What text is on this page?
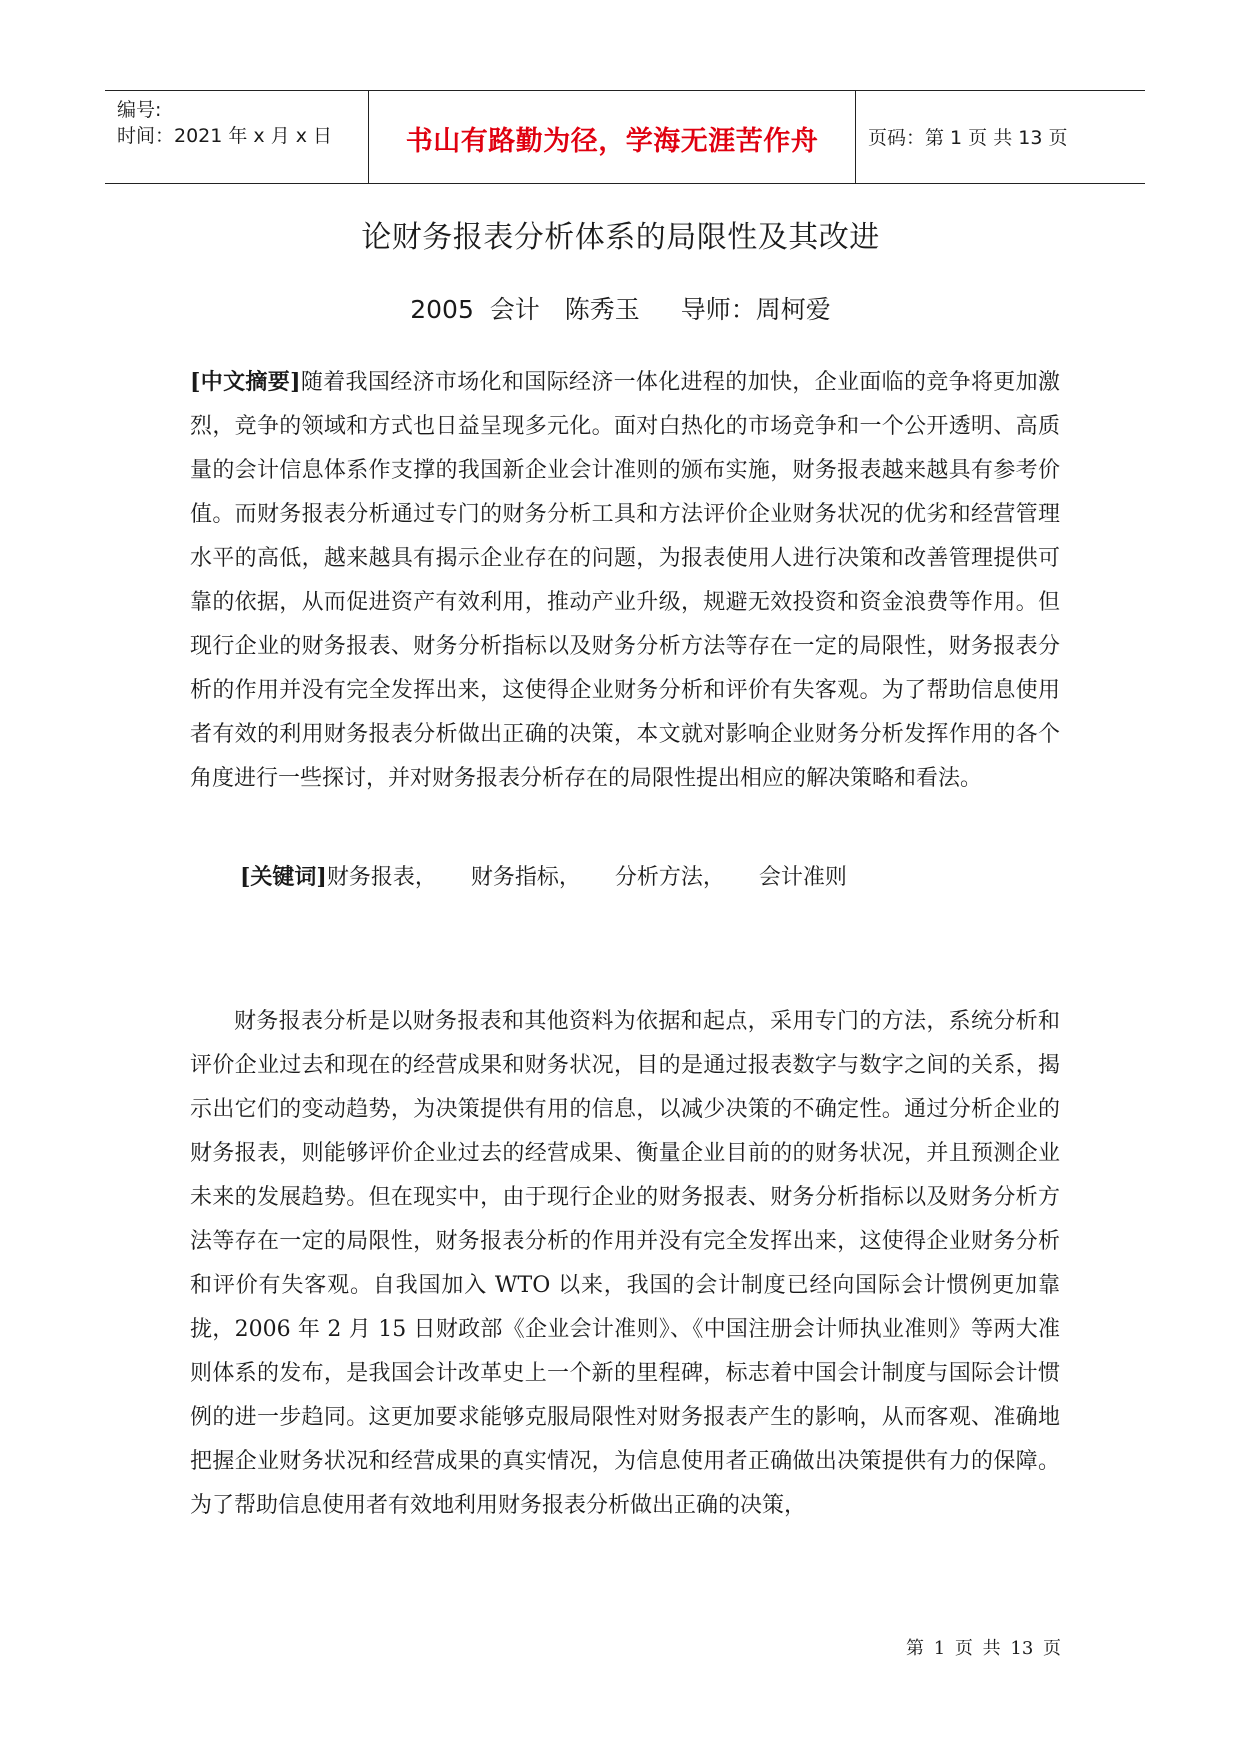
编号:
时间：2021 年 x 月 x 日	书山有路勤为径，学海无涯苦作舟	页码：第 1 页 共 13 页
论财务报表分析体系的局限性及其改进
2005 会计　陈秀玉　 导师：周柯爱

[中文摘要]随着我国经济市场化和国际经济一体化进程的加快，企业面临的竞争将更加激烈，竞争的领域和方式也日益呈现多元化。面对白热化的市场竞争和一个公开透明、高质量的会计信息体系作支撑的我国新企业会计准则的颁布实施，财务报表越来越具有参考价值。而财务报表分析通过专门的财务分析工具和方法评价企业财务状况的优劣和经营管理水平的高低，越来越具有揭示企业存在的问题，为报表使用人进行决策和改善管理提供可靠的依据，从而促进资产有效利用，推动产业升级，规避无效投资和资金浪费等作用。但现行企业的财务报表、财务分析指标以及财务分析方法等存在一定的局限性，财务报表分析的作用并没有完全发挥出来，这使得企业财务分析和评价有失客观。为了帮助信息使用者有效的利用财务报表分析做出正确的决策，本文就对影响企业财务分析发挥作用的各个角度进行一些探讨，并对财务报表分析存在的局限性提出相应的解决策略和看法。

[关键词]财务报表， 财务指标， 分析方法， 会计准则

财务报表分析是以财务报表和其他资料为依据和起点，采用专门的方法，系统分析和评价企业过去和现在的经营成果和财务状况，目的是通过报表数字与数字之间的关系，揭示出它们的变动趋势，为决策提供有用的信息，以减少决策的不确定性。通过分析企业的财务报表，则能够评价企业过去的经营成果、衡量企业目前的的财务状况，并且预测企业未来的发展趋势。但在现实中，由于现行企业的财务报表、财务分析指标以及财务分析方法等存在一定的局限性，财务报表分析的作用并没有完全发挥出来，这使得企业财务分析和评价有失客观。自我国加入 WTO 以来，我国的会计制度已经向国际会计惯例更加靠拢，2006 年 2 月 15 日财政部《企业会计准则》、《中国注册会计师执业准则》等两大准则体系的发布，是我国会计改革史上一个新的里程碑，标志着中国会计制度与国际会计惯例的进一步趋同。这更加要求能够克服局限性对财务报表产生的影响，从而客观、准确地把握企业财务状况和经营成果的真实情况，为信息使用者正确做出决策提供有力的保障。为了帮助信息使用者有效地利用财务报表分析做出正确的决策，

第 1 页 共 13 页
